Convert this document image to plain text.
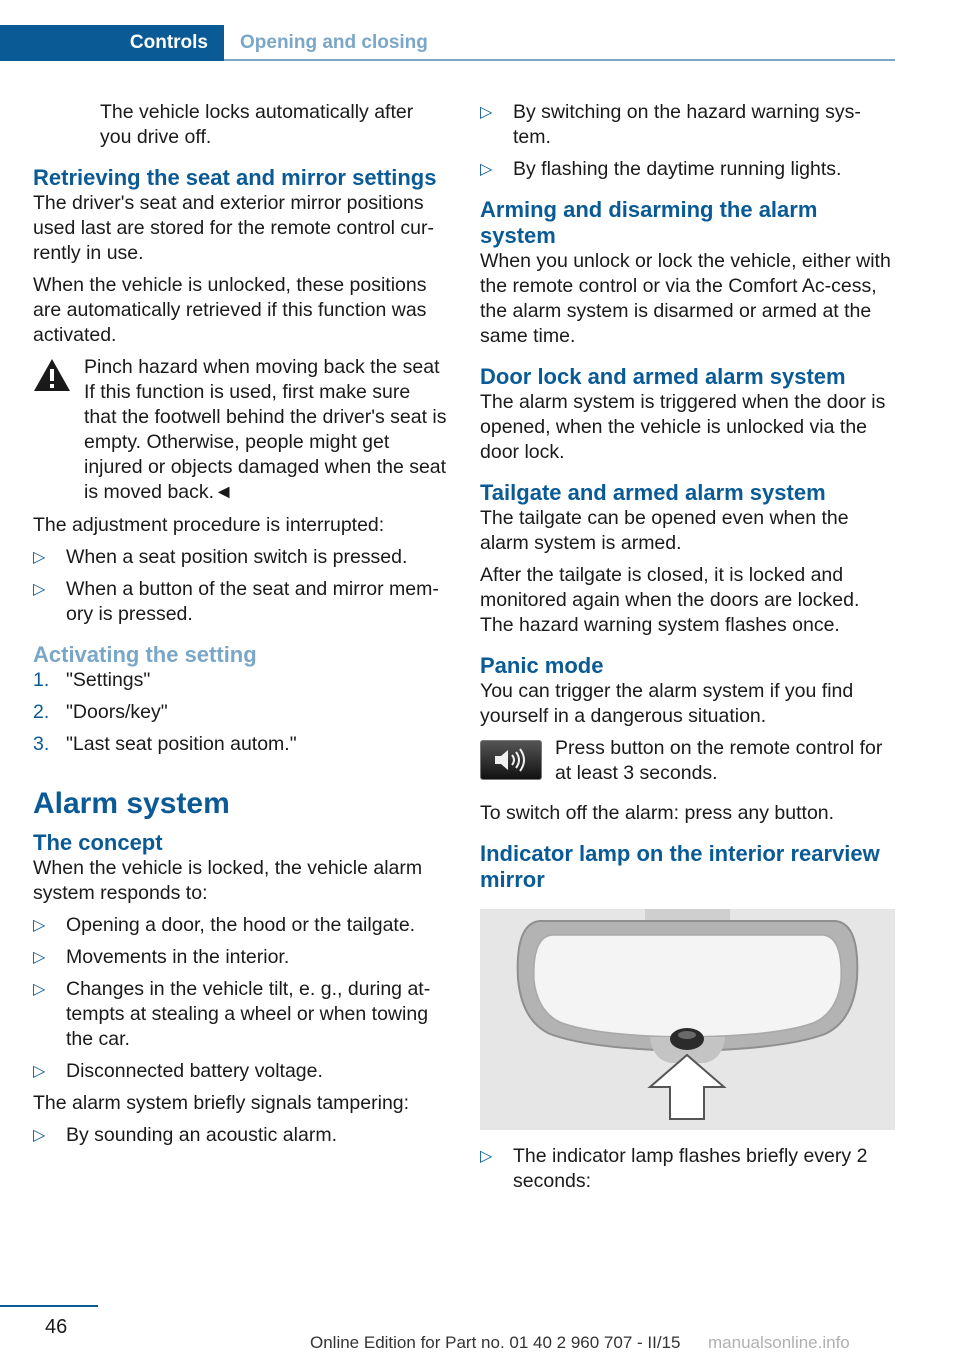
Controls	Opening and closing

The vehicle locks automatically after you drive off.

Retrieving the seat and mirror settings

The driver's seat and exterior mirror positions used last are stored for the remote control cur-rently in use.

When the vehicle is unlocked, these positions are automatically retrieved if this function was activated.

Pinch hazard when moving back the seat

If this function is used, first make sure that the footwell behind the driver's seat is empty. Otherwise, people might get injured or objects damaged when the seat is moved back.◄

The adjustment procedure is interrupted:

▷ When a seat position switch is pressed.
▷ When a button of the seat and mirror mem-ory is pressed.
Activating the setting
1. "Settings"
2. "Doors/key"
3. "Last seat position autom."
Alarm system
The concept

When the vehicle is locked, the vehicle alarm system responds to:

▷ Opening a door, the hood or the tailgate.
▷ Movements in the interior.
▷ Changes in the vehicle tilt, e. g., during at-tempts at stealing a wheel or when towing the car.
▷ Disconnected battery voltage.

The alarm system briefly signals tampering:

▷ By sounding an acoustic alarm.
▷ By switching on the hazard warning sys-tem.
▷ By flashing the daytime running lights.
Arming and disarming the alarm system

When you unlock or lock the vehicle, either with the remote control or via the Comfort Ac-cess, the alarm system is disarmed or armed at the same time.

Door lock and armed alarm system

The alarm system is triggered when the door is opened, when the vehicle is unlocked via the door lock.

Tailgate and armed alarm system

The tailgate can be opened even when the alarm system is armed.

After the tailgate is closed, it is locked and monitored again when the doors are locked. The hazard warning system flashes once.

Panic mode

You can trigger the alarm system if you find yourself in a dangerous situation.

Press button on the remote control for at least 3 seconds.

To switch off the alarm: press any button.

Indicator lamp on the interior rearview mirror
▷ The indicator lamp flashes briefly every 2 seconds:
46
Online Edition for Part no. 01 40 2 960 707 - II/15 manualsonline.info
